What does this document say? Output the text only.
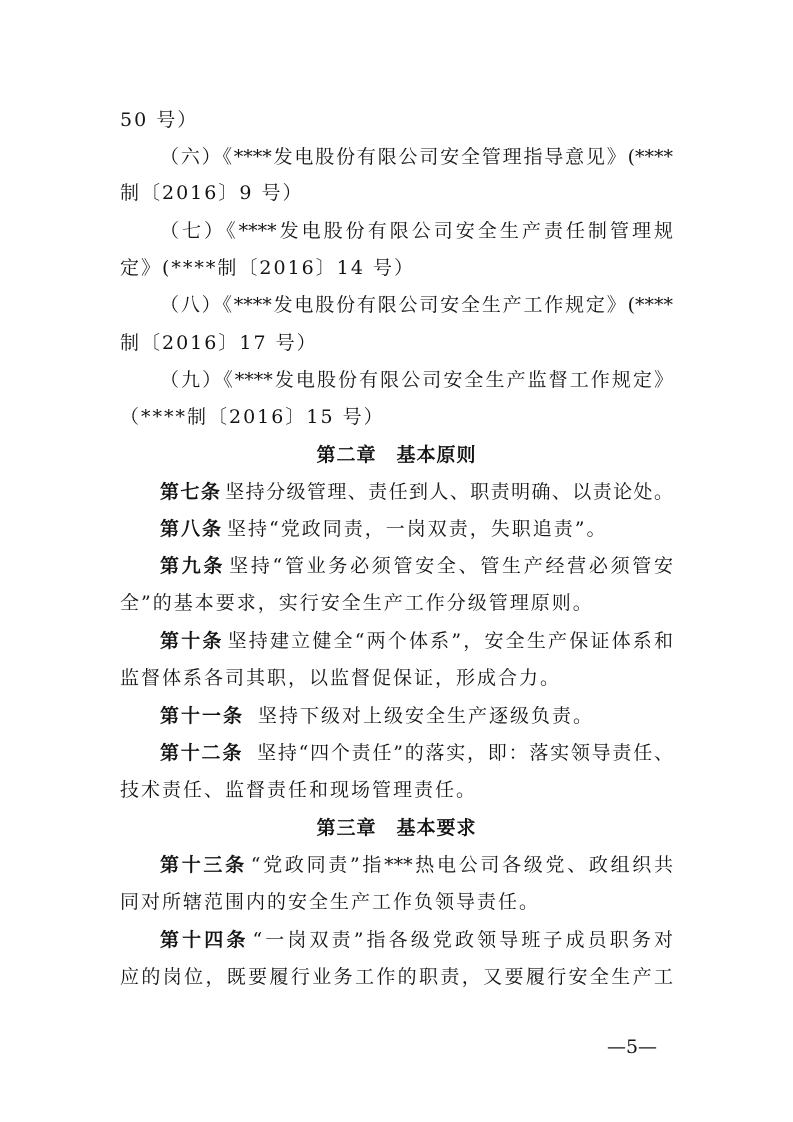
50 号）
（六）《****发电股份有限公司安全管理指导意见》(****
制〔2016〕9 号）
（七）《****发电股份有限公司安全生产责任制管理规
定》(****制〔2016〕14 号）
（八）《****发电股份有限公司安全生产工作规定》(****
制〔2016〕17 号）
（九）《****发电股份有限公司安全生产监督工作规定》
（****制〔2016〕15 号）
第二章　基本原则
第七条 坚持分级管理、责任到人、职责明确、以责论处。
第八条 坚持“党政同责，一岗双责，失职追责”。
第九条 坚持“管业务必须管安全、管生产经营必须管安
全”的基本要求，实行安全生产工作分级管理原则。
第十条 坚持建立健全“两个体系”，安全生产保证体系和
监督体系各司其职，以监督促保证，形成合力。
第十一条 坚持下级对上级安全生产逐级负责。
第十二条 坚持“四个责任”的落实，即：落实领导责任、
技术责任、监督责任和现场管理责任。
第三章　基本要求
第十三条 “党政同责”指***热电公司各级党、政组织共
同对所辖范围内的安全生产工作负领导责任。
第十四条 “一岗双责”指各级党政领导班子成员职务对
应的岗位，既要履行业务工作的职责，又要履行安全生产工
—5—
